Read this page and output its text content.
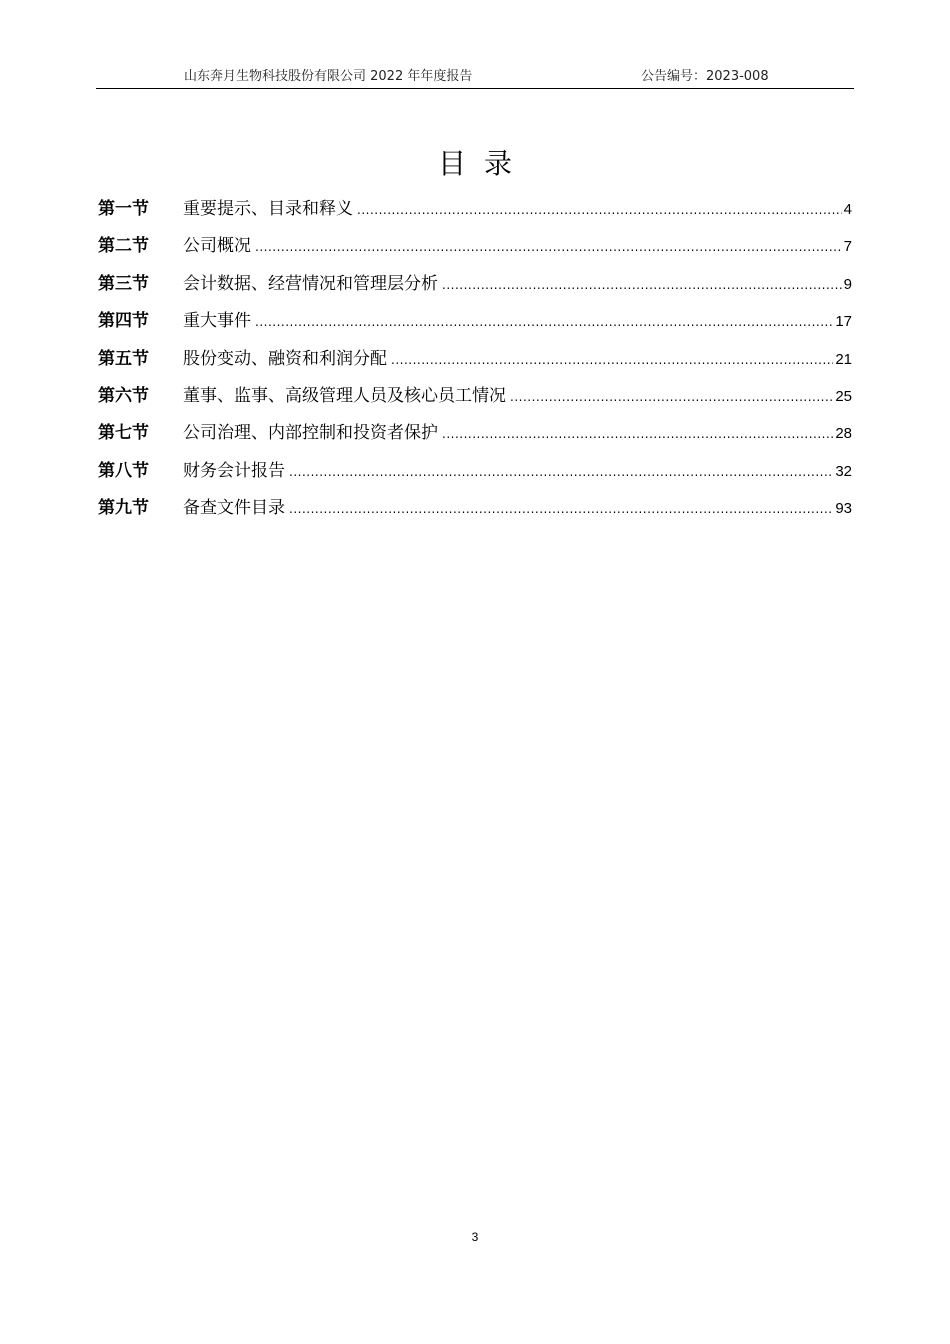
山东奔月生物科技股份有限公司 2022 年年度报告	公告编号：2023-008
目录
第一节	重要提示、目录和释义 .....	4
第二节	公司概况 .....	7
第三节	会计数据、经营情况和管理层分析 .....	9
第四节	重大事件 .....	17
第五节	股份变动、融资和利润分配 .....	21
第六节	董事、监事、高级管理人员及核心员工情况 .....	25
第七节	公司治理、内部控制和投资者保护 .....	28
第八节	财务会计报告 .....	32
第九节	备查文件目录 .....	93
3
